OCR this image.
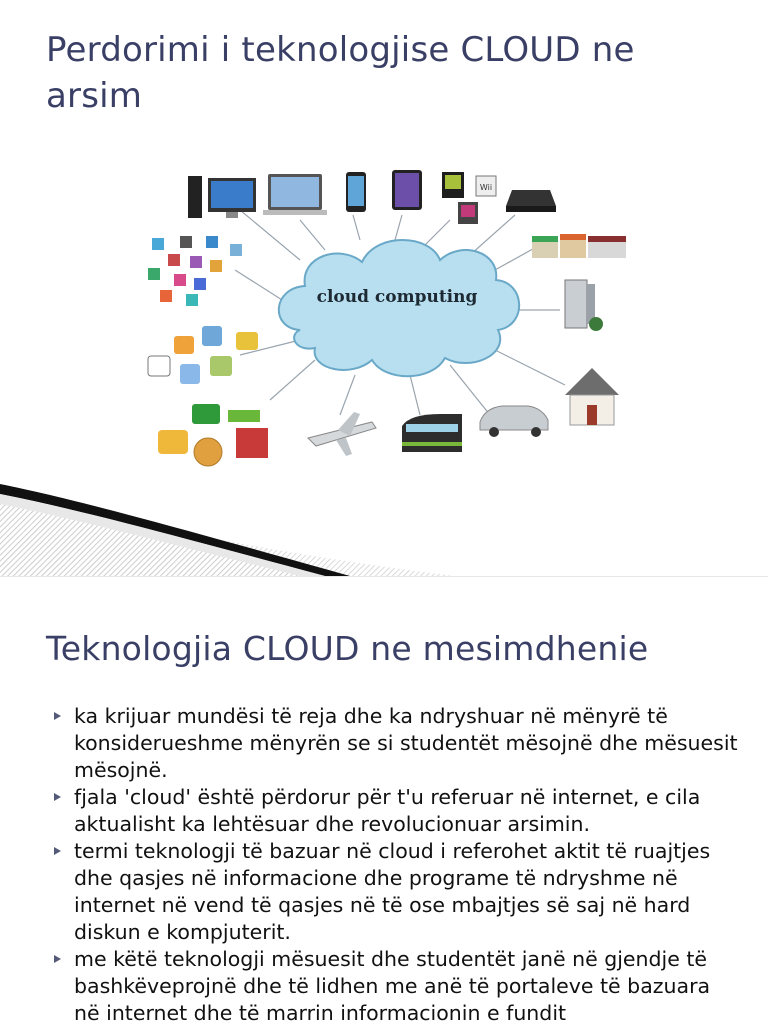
Perdorimi i teknologjise CLOUD ne arsim
cloud computing
Wii
Teknologjia CLOUD ne mesimdhenie
ka krijuar mundësi të reja dhe ka ndryshuar në mënyrë të konsiderueshme mënyrën se si studentët mësojnë dhe mësuesit mësojnë.
fjala 'cloud' është përdorur për t'u referuar në internet, e cila aktualisht ka lehtësuar dhe revolucionuar arsimin.
termi teknologji të bazuar në cloud i referohet aktit të ruajtjes dhe qasjes në informacione dhe programe të ndryshme në internet në vend të qasjes në të ose mbajtjes së saj në hard diskun e kompjuterit.
me këtë teknologji mësuesit dhe studentët janë në gjendje të bashkëveprojnë dhe të lidhen me anë të portaleve të bazuara në internet dhe të marrin informacionin e fundit
